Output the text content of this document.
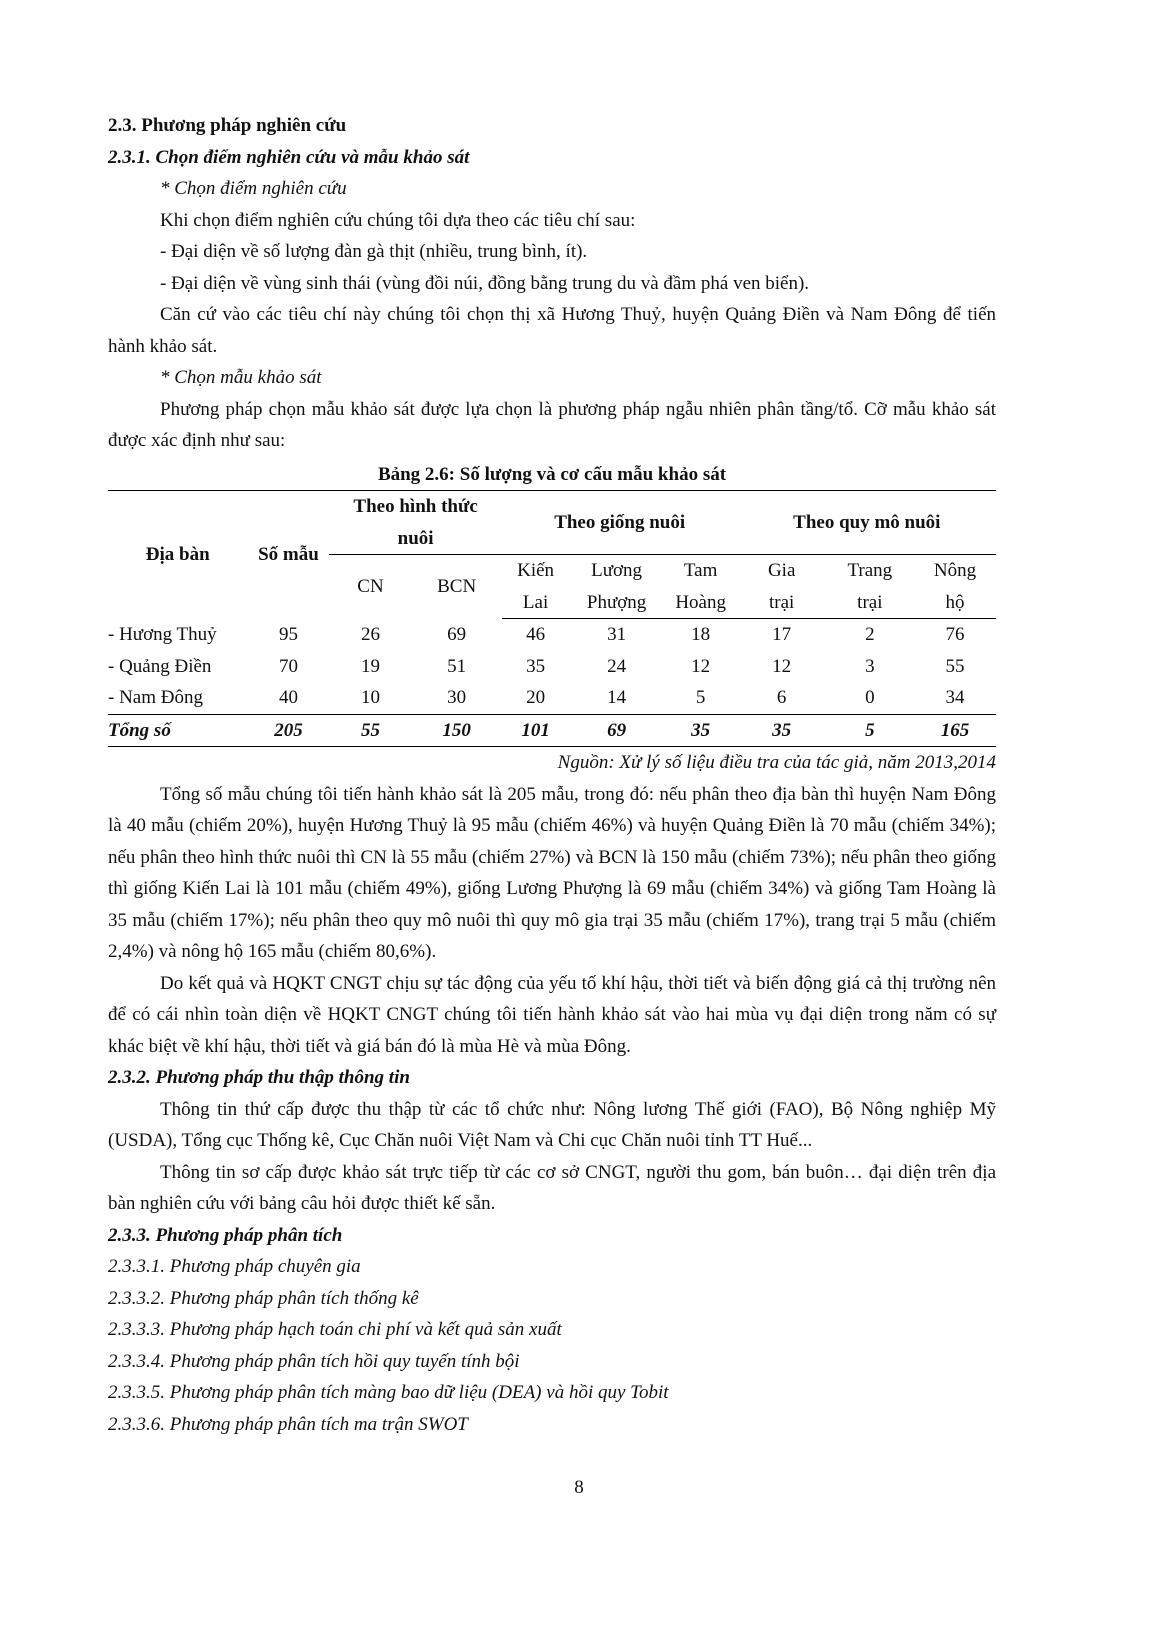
2.3. Phương pháp nghiên cứu

2.3.1. Chọn điểm nghiên cứu và mẫu khảo sát

* Chọn điểm nghiên cứu

Khi chọn điểm nghiên cứu chúng tôi dựa theo các tiêu chí sau:

- Đại diện về số lượng đàn gà thịt (nhiều, trung bình, ít).

- Đại diện về vùng sinh thái (vùng đồi núi, đồng bằng trung du và đầm phá ven biển).

Căn cứ vào các tiêu chí này chúng tôi chọn thị xã Hương Thuỷ, huyện Quảng Điền và Nam Đông để tiến hành khảo sát.

* Chọn mẫu khảo sát

Phương pháp chọn mẫu khảo sát được lựa chọn là phương pháp ngẫu nhiên phân tầng/tổ. Cỡ mẫu khảo sát được xác định như sau:

Bảng 2.6: Số lượng và cơ cấu mẫu khảo sát

Địa bàn	Số mẫu	Theo hình thức nuôi		Theo giống nuôi			Theo quy mô nuôi		
		CN	BCN	Kiến	Lương	Tam	Gia	Trang	Nông
				Lai	Phượng	Hoàng	trại	trại	hộ
- Hương Thuỷ	95	26	69	46	31	18	17	2	76
- Quảng Điền	70	19	51	35	24	12	12	3	55
- Nam Đông	40	10	30	20	14	5	6	0	34
Tổng số	205	55	150	101	69	35	35	5	165

Nguồn: Xử lý số liệu điều tra của tác giả, năm 2013,2014

Tổng số mẫu chúng tôi tiến hành khảo sát là 205 mẫu, trong đó: nếu phân theo địa bàn thì huyện Nam Đông là 40 mẫu (chiếm 20%), huyện Hương Thuỷ là 95 mẫu (chiếm 46%) và huyện Quảng Điền là 70 mẫu (chiếm 34%); nếu phân theo hình thức nuôi thì CN là 55 mẫu (chiếm 27%) và BCN là 150 mẫu (chiếm 73%); nếu phân theo giống thì giống Kiến Lai là 101 mẫu (chiếm 49%), giống Lương Phượng là 69 mẫu (chiếm 34%) và giống Tam Hoàng là 35 mẫu (chiếm 17%); nếu phân theo quy mô nuôi thì quy mô gia trại 35 mẫu (chiếm 17%), trang trại 5 mẫu (chiếm 2,4%) và nông hộ 165 mẫu (chiếm 80,6%).

Do kết quả và HQKT CNGT chịu sự tác động của yếu tố khí hậu, thời tiết và biến động giá cả thị trường nên để có cái nhìn toàn diện về HQKT CNGT chúng tôi tiến hành khảo sát vào hai mùa vụ đại diện trong năm có sự khác biệt về khí hậu, thời tiết và giá bán đó là mùa Hè và mùa Đông.

2.3.2. Phương pháp thu thập thông tin

Thông tin thứ cấp được thu thập từ các tổ chức như: Nông lương Thế giới (FAO), Bộ Nông nghiệp Mỹ (USDA), Tổng cục Thống kê, Cục Chăn nuôi Việt Nam và Chi cục Chăn nuôi tỉnh TT Huế...

Thông tin sơ cấp được khảo sát trực tiếp từ các cơ sở CNGT, người thu gom, bán buôn… đại diện trên địa bàn nghiên cứu với bảng câu hỏi được thiết kế sẵn.

2.3.3. Phương pháp phân tích

2.3.3.1. Phương pháp chuyên gia

2.3.3.2. Phương pháp phân tích thống kê

2.3.3.3. Phương pháp hạch toán chi phí và kết quả sản xuất

2.3.3.4. Phương pháp phân tích hồi quy tuyến tính bội

2.3.3.5. Phương pháp phân tích màng bao dữ liệu (DEA) và hồi quy Tobit

2.3.3.6. Phương pháp phân tích ma trận SWOT

8
